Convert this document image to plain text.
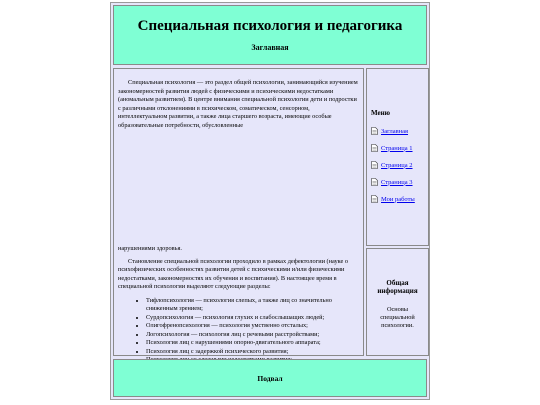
Специальная психология и педагогика
Заглавная

Специальная психология — это раздел общей психологии, занимающийся изучением закономерностей развития людей с физическими и психическими недостатками (аномальным развитием). В центре внимания специальной психологии дети и подростки с различными отклонениями в психическом, соматическом, сенсорном, интеллектуальном развитии, а также лица старшего возраста, имеющие особые образовательные потребности, обусловленные

нарушениями здоровья.

Становление специальной психологии проходило в рамках дефектологии (науке о психофизических особенностях развития детей с психическими и/или физическими недостатками, закономерностях их обучения и воспитания). В настоящее время в специальной психологии выделяют следующие разделы:

• Тифлопсихология — психология слепых, а также лиц со значительно сниженным зрением;
• Сурдопсихология — психология глухих и слабослышащих людей;
• Олигофренопсихология — психология умственно отсталых;
• Логопсихология — психология лиц с речевыми расстройствами;
• Психология лиц с нарушениями опорно-двигательного аппарата;
• Психология лиц с задержкой психического развития;
•
•
Меню
Заглавная
Страница 1
Страница 2
Страница 3
Мои работы
Общая информация
Основы специальной психологии.
Подвал
